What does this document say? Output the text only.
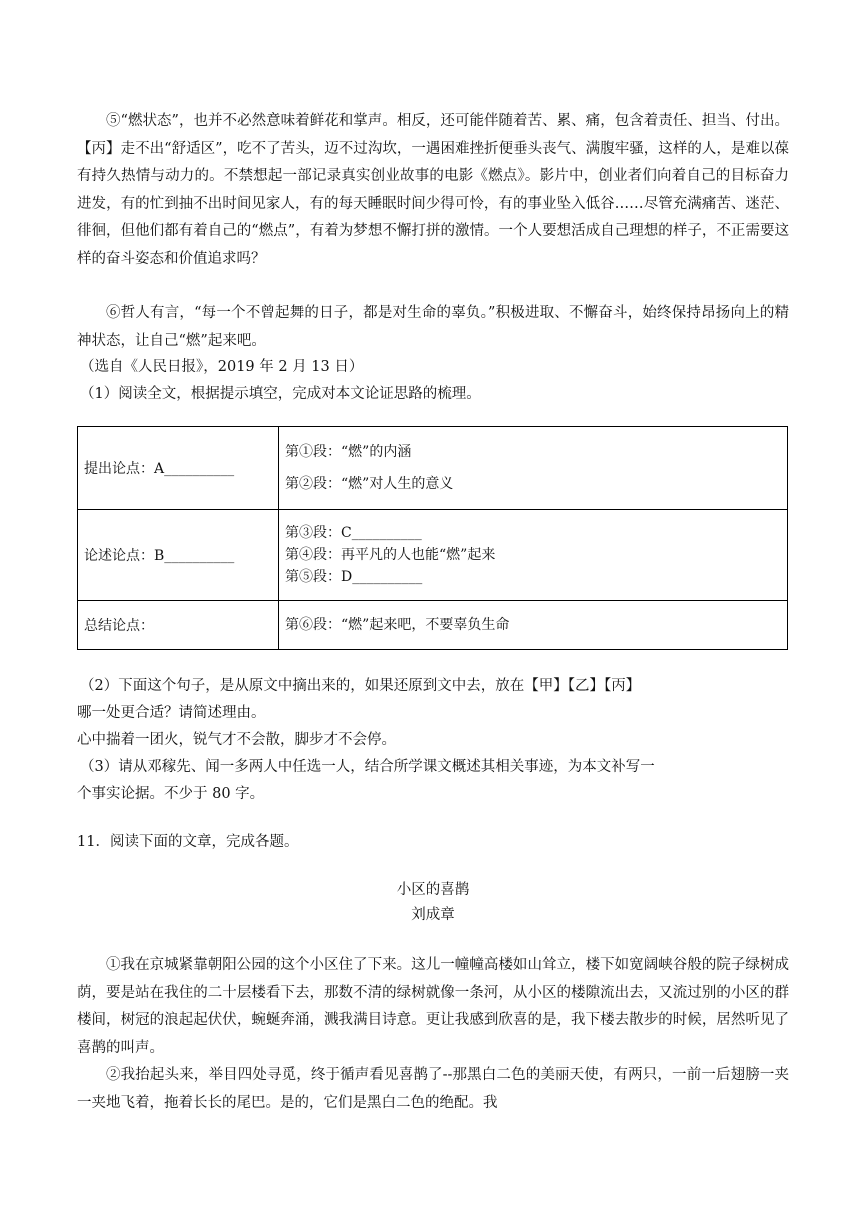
⑤“燃状态”，也并不必然意味着鲜花和掌声。相反，还可能伴随着苦、累、痛，包含着责任、担当、付出。【丙】走不出“舒适区”，吃不了苦头，迈不过沟坎，一遇困难挫折便垂头丧气、满腹牢骚，这样的人，是难以葆有持久热情与动力的。不禁想起一部记录真实创业故事的电影《燃点》。影片中，创业者们向着自己的目标奋力进发，有的忙到抽不出时间见家人，有的每天睡眠时间少得可怜，有的事业坠入低谷……尽管充满痛苦、迷茫、徘徊，但他们都有着自己的“燃点”，有着为梦想不懈打拼的激情。一个人要想活成自己理想的样子，不正需要这样的奋斗姿态和价值追求吗？

⑥哲人有言，“每一个不曾起舞的日子，都是对生命的辜负。”积极进取、不懈奋斗，始终保持昂扬向上的精神状态，让自己“燃”起来吧。

（选自《人民日报》，2019 年 2 月 13 日）
（1）阅读全文，根据提示填空，完成对本文论证思路的梳理。
提出论点：A__________	第①段：“燃”的内涵
第②段：“燃”对人生的意义

论述论点：B__________	第③段：C__________
第④段：再平凡的人也能“燃”起来
第⑤段：D__________

总结论点：	第⑥段：“燃”起来吧，不要辜负生命
（2）下面这个句子，是从原文中摘出来的，如果还原到文中去，放在【甲】【乙】【丙】
哪一处更合适？请简述理由。
心中揣着一团火，锐气才不会散，脚步才不会停。
（3）请从邓稼先、闻一多两人中任选一人，结合所学课文概述其相关事迹，为本文补写一
个事实论据。不少于 80 字。
11．阅读下面的文章，完成各题。
小区的喜鹊
刘成章

①我在京城紧靠朝阳公园的这个小区住了下来。这儿一幢幢高楼如山耸立，楼下如宽阔峡谷般的院子绿树成荫，要是站在我住的二十层楼看下去，那数不清的绿树就像一条河，从小区的楼隙流出去，又流过别的小区的群楼间，树冠的浪起起伏伏，蜿蜒奔涌，溅我满目诗意。更让我感到欣喜的是，我下楼去散步的时候，居然听见了喜鹊的叫声。

②我抬起头来，举目四处寻觅，终于循声看见喜鹊了--那黑白二色的美丽天使，有两只，一前一后翅膀一夹一夹地飞着，拖着长长的尾巴。是的，它们是黑白二色的绝配。我
